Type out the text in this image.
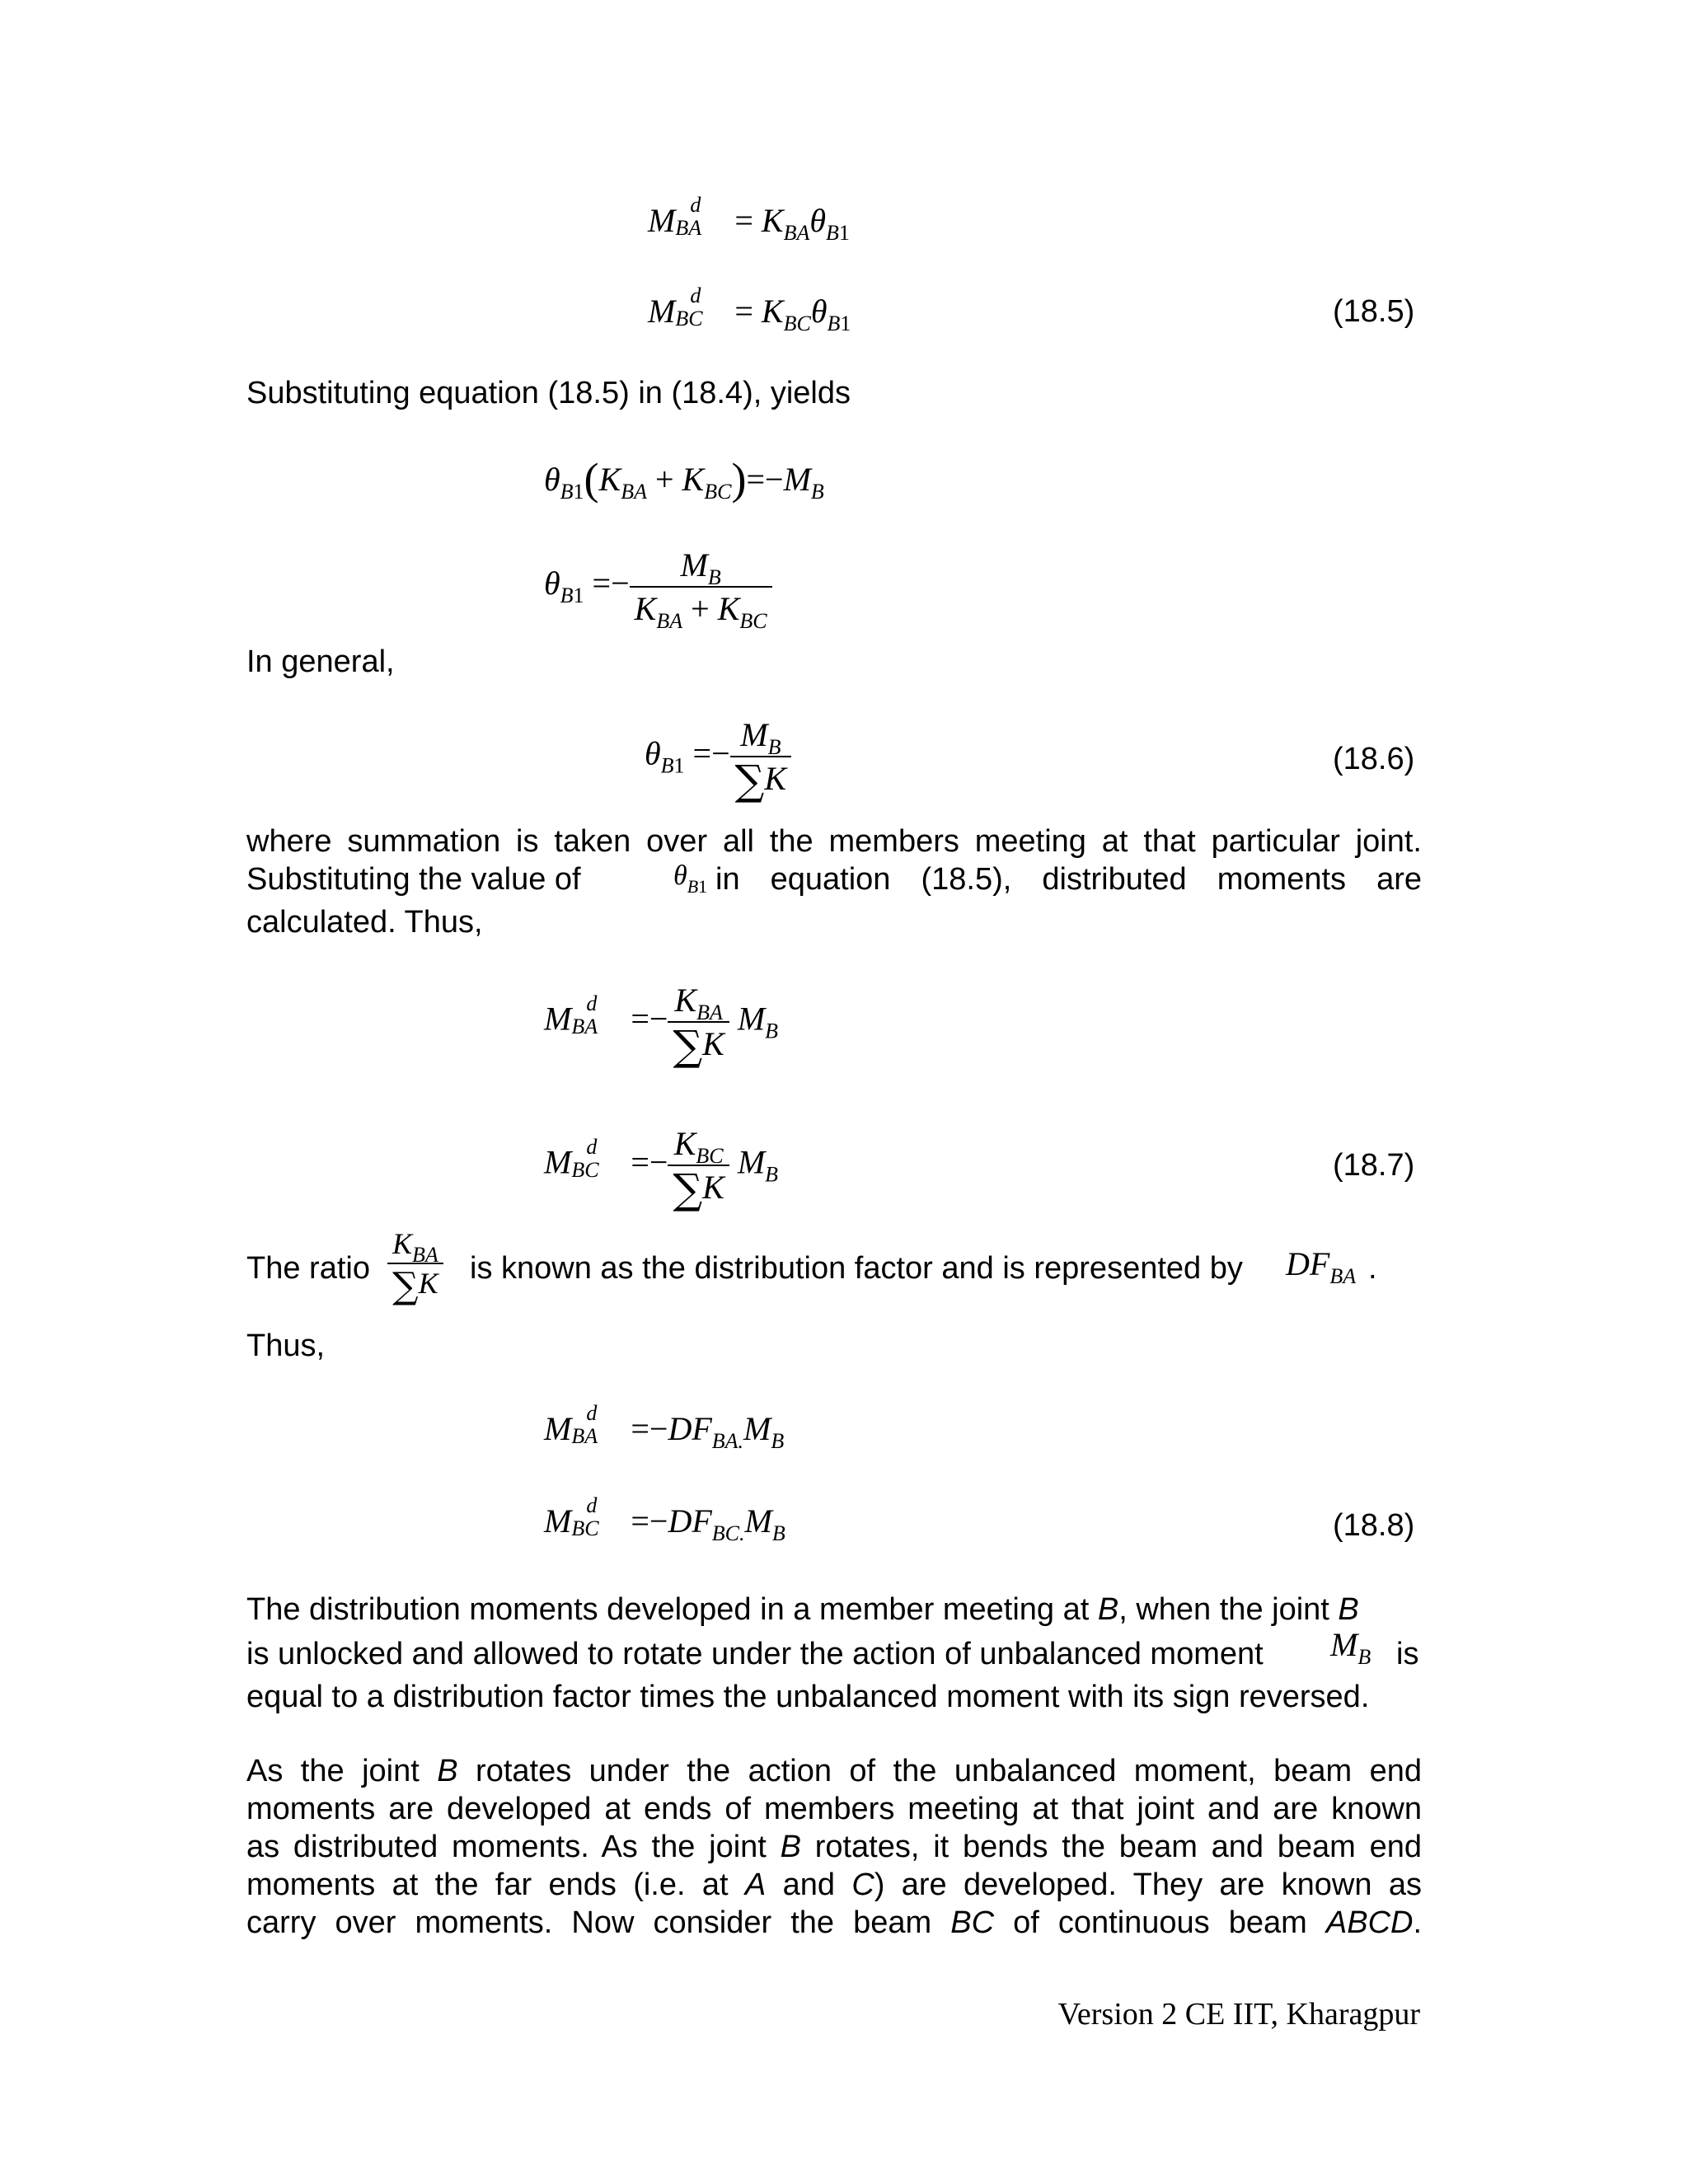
M d
BA = $K_{BA}\theta_{B1}$
M d
BC = $K_{BC}\theta_{B1}$	(18.5)
Substituting equation (18.5) in (18.4), yields
$\theta_{B1}(K_{BA} + K_{BC})=-M_B$
$\theta_{B1} =- \frac{M_B}{K_{BA} + K_{BC}}$
In general,
$\theta_{B1} =- \frac{M_B}{\sum K}$	(18.6)
where summation is taken over all the members meeting at that particular joint.
Substituting the value of	$\theta_{B1}$ in equation (18.5), distributed moments are
calculated. Thus,
M d
BA =− $\frac{K_{BA}}{\sum K} M_B$
M d
BC =− $\frac{K_{BC}}{\sum K} M_B$	(18.7)
The ratio $\frac{K_{BA}}{\sum K}$ is known as the distribution factor and is represented by $DF_{BA}$ .
Thus,
M d
BA $=-DF_{BA.}M_B$
M d
BC $=-DF_{BC.}M_B$	(18.8)
The distribution moments developed in a member meeting at B, when the joint B
is unlocked and allowed to rotate under the action of unbalanced moment $M_B$ is
equal to a distribution factor times the unbalanced moment with its sign reversed.
As the joint B rotates under the action of the unbalanced moment, beam end
moments are developed at ends of members meeting at that joint and are known
as distributed moments. As the joint B rotates, it bends the beam and beam end
moments at the far ends (i.e. at A and C) are developed. They are known as
carry over moments. Now consider the beam BC of continuous beam ABCD.
Version 2 CE IIT, Kharagpur
